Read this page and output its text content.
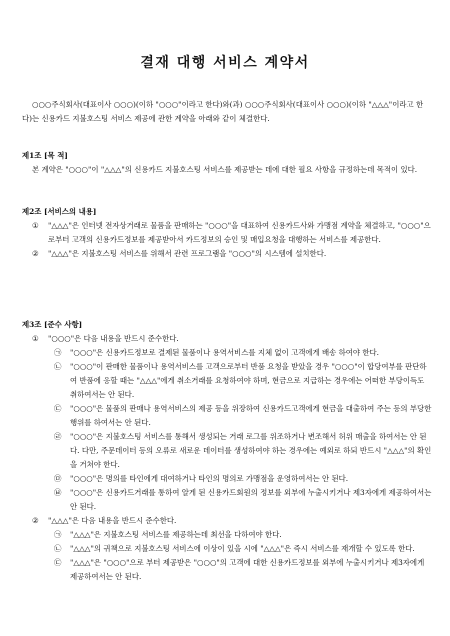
결재 대행 서비스 계약서

○○○주식회사(대표이사 ○○○)(이하 "○○○"이라고 한다)와(과) ○○○주식회사(대표이사 ○○○)(이하 "△△△"이라고 한다)는 신용카드 지불호스팅 서비스 제공에 관한 계약을 아래와 같이 체결한다.

제1조 [목 적]

본 계약은 "○○○"이 "△△△"의 신용카드 지불호스팅 서비스를 제공받는 데에 대한 필요 사항을 규정하는데 목적이 있다.

제2조 [서비스의 내용]

① "△△△"은 인터넷 전자상거래로 물품을 판매하는 "○○○"을 대표하여 신용카드사와 가맹점 계약을 체결하고, "○○○"으로부터 고객의 신용카드정보를 제공받아서 카드정보의 승인 및 매입요청을 대행하는 서비스를 제공한다.
② "△△△"은 지불호스팅 서비스를 위해서 관련 프로그램을 "○○○"의 시스템에 설치한다.

제3조 [준수 사항]

① "○○○"은 다음 내용을 반드시 준수한다.
㉠ "○○○"은 신용카드정보로 결제된 물품이나 용역서비스를 지체 없이 고객에게 배송 하여야 한다.
㉡ "○○○"이 판매한 물품이나 용역서비스를 고객으로부터 반품 요청을 받았을 경우 "○○○"이 합당여부를 판단하여 반품에 응할 때는 "△△△"에게 취소거래를 요청하여야 하며, 현금으로 지급하는 경우에는 어떠한 부당이득도 취하여서는 안 된다.
㉢ "○○○"은 물품의 판매나 용역서비스의 제공 등을 위장하여 신용카드고객에게 현금을 대출하여 주는 등의 부당한 행위를 하여서는 안 된다.
㉣ "○○○"은 지불호스팅 서비스를 통해서 생성되는 거래 로그를 위조하거나 변조해서 허위 매출을 하여서는 안 된다. 다만, 주문데이터 등의 오류로 새로운 데이터를 생성하여야 하는 경우에는 예외로 하되 반드시 "△△△"의 확인을 거쳐야 한다.
㉤ "○○○"은 명의를 타인에게 대여하거나 타인의 명의로 가맹점을 운영하여서는 안 된다.
㉥ "○○○"은 신용카드거래를 통하여 알게 된 신용카드회원의 정보를 외부에 누출시키거나 제3자에게 제공하여서는 안 된다.
② "△△△"은 다음 내용을 반드시 준수한다.
㉠ "△△△"은 지불호스팅 서비스를 제공하는데 최선을 다하여야 한다.
㉡ "△△△"의 귀책으로 지불호스팅 서비스에 이상이 있을 시에 "△△△"은 즉시 서비스를 재개할 수 있도록 한다.
㉢ "△△△"은 "○○○"으로 부터 제공받은 "○○○"의 고객에 대한 신용카드정보를 외부에 누출시키거나 제3자에게 제공하여서는 안 된다.
